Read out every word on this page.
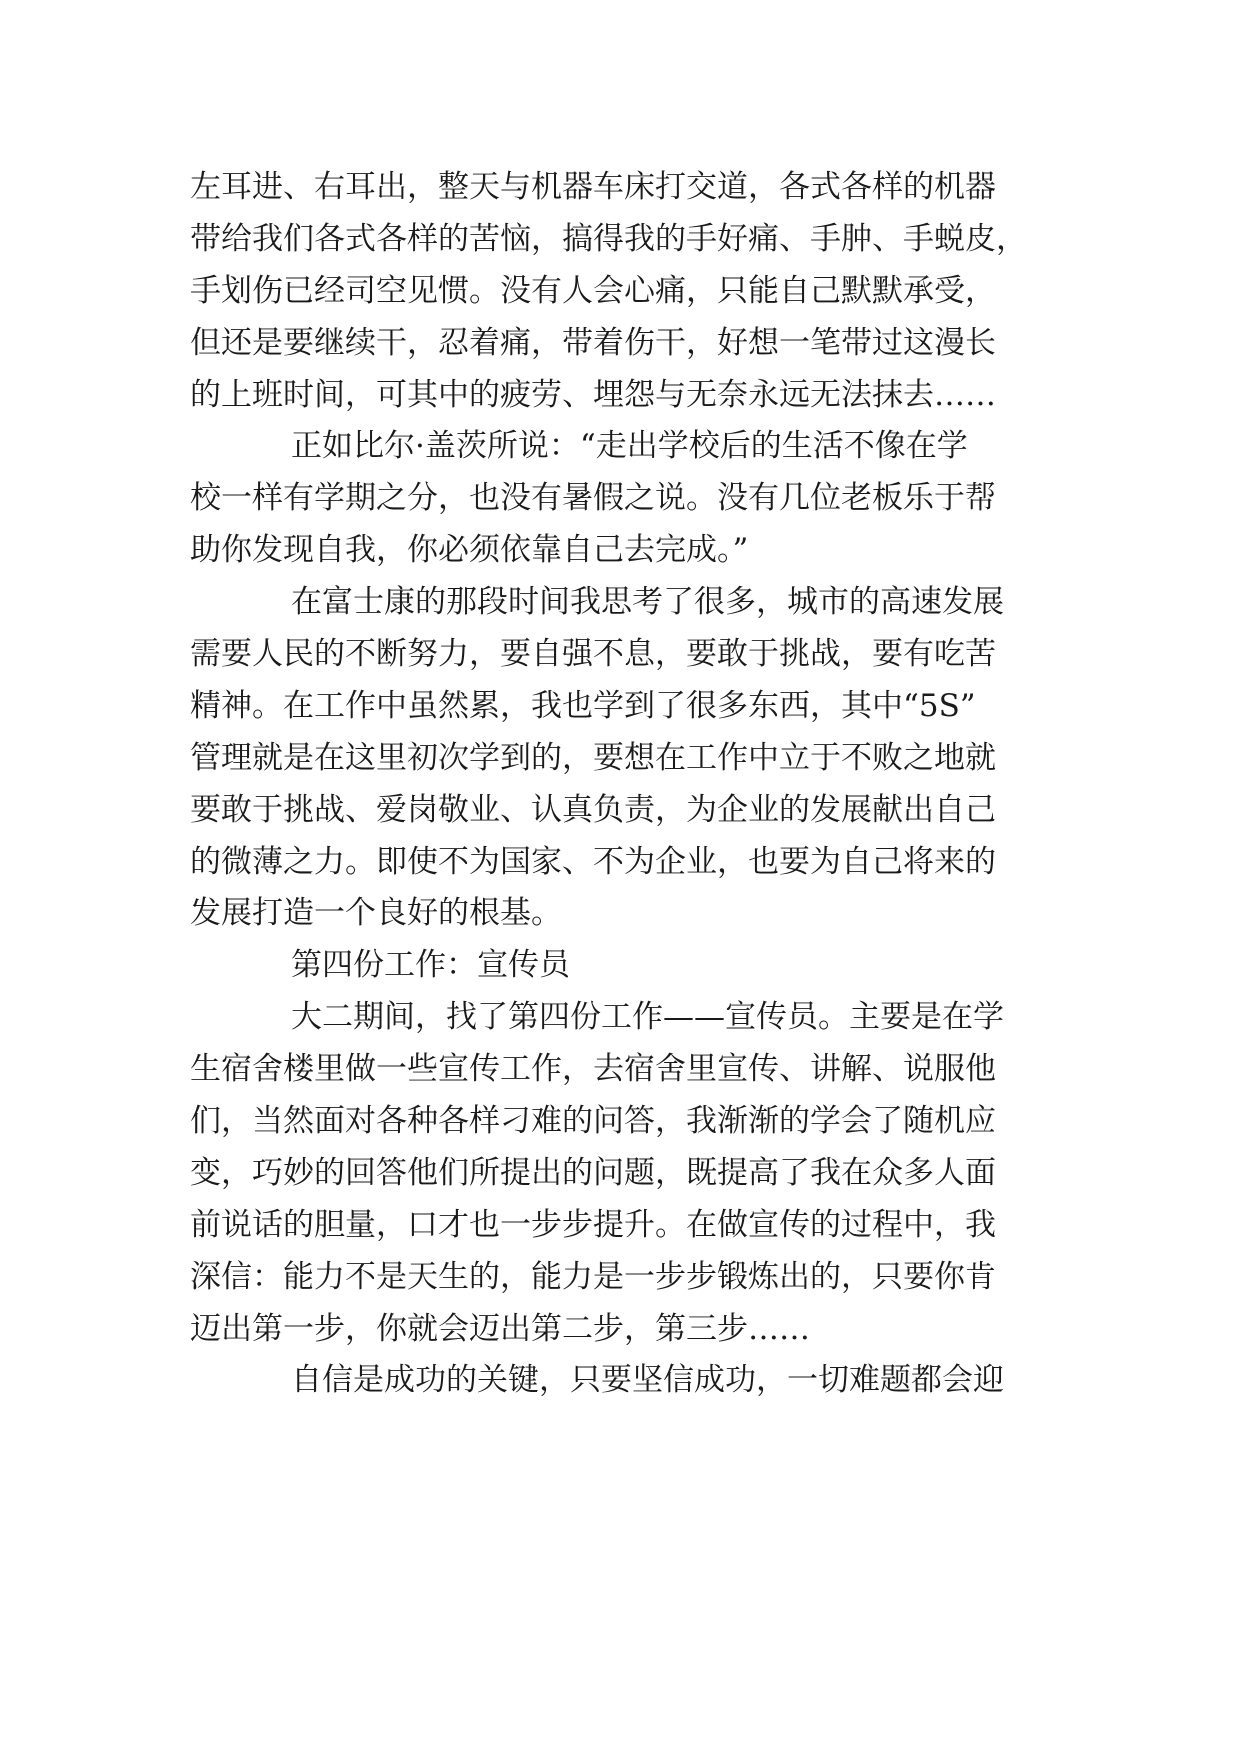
左耳进、右耳出，整天与机器车床打交道，各式各样的机器
带给我们各式各样的苦恼，搞得我的手好痛、手肿、手蜕皮，
手划伤已经司空见惯。没有人会心痛，只能自己默默承受，
但还是要继续干，忍着痛，带着伤干，好想一笔带过这漫长
的上班时间，可其中的疲劳、埋怨与无奈永远无法抹去……
正如比尔·盖茨所说：“走出学校后的生活不像在学
校一样有学期之分，也没有暑假之说。没有几位老板乐于帮
助你发现自我，你必须依靠自己去完成。”
在富士康的那段时间我思考了很多，城市的高速发展
需要人民的不断努力，要自强不息，要敢于挑战，要有吃苦
精神。在工作中虽然累，我也学到了很多东西，其中“5S”
管理就是在这里初次学到的，要想在工作中立于不败之地就
要敢于挑战、爱岗敬业、认真负责，为企业的发展献出自己
的微薄之力。即使不为国家、不为企业，也要为自己将来的
发展打造一个良好的根基。
第四份工作：宣传员
大二期间，找了第四份工作——宣传员。主要是在学
生宿舍楼里做一些宣传工作，去宿舍里宣传、讲解、说服他
们，当然面对各种各样刁难的问答，我渐渐的学会了随机应
变，巧妙的回答他们所提出的问题，既提高了我在众多人面
前说话的胆量，口才也一步步提升。在做宣传的过程中，我
深信：能力不是天生的，能力是一步步锻炼出的，只要你肯
迈出第一步，你就会迈出第二步，第三步……
自信是成功的关键，只要坚信成功，一切难题都会迎
